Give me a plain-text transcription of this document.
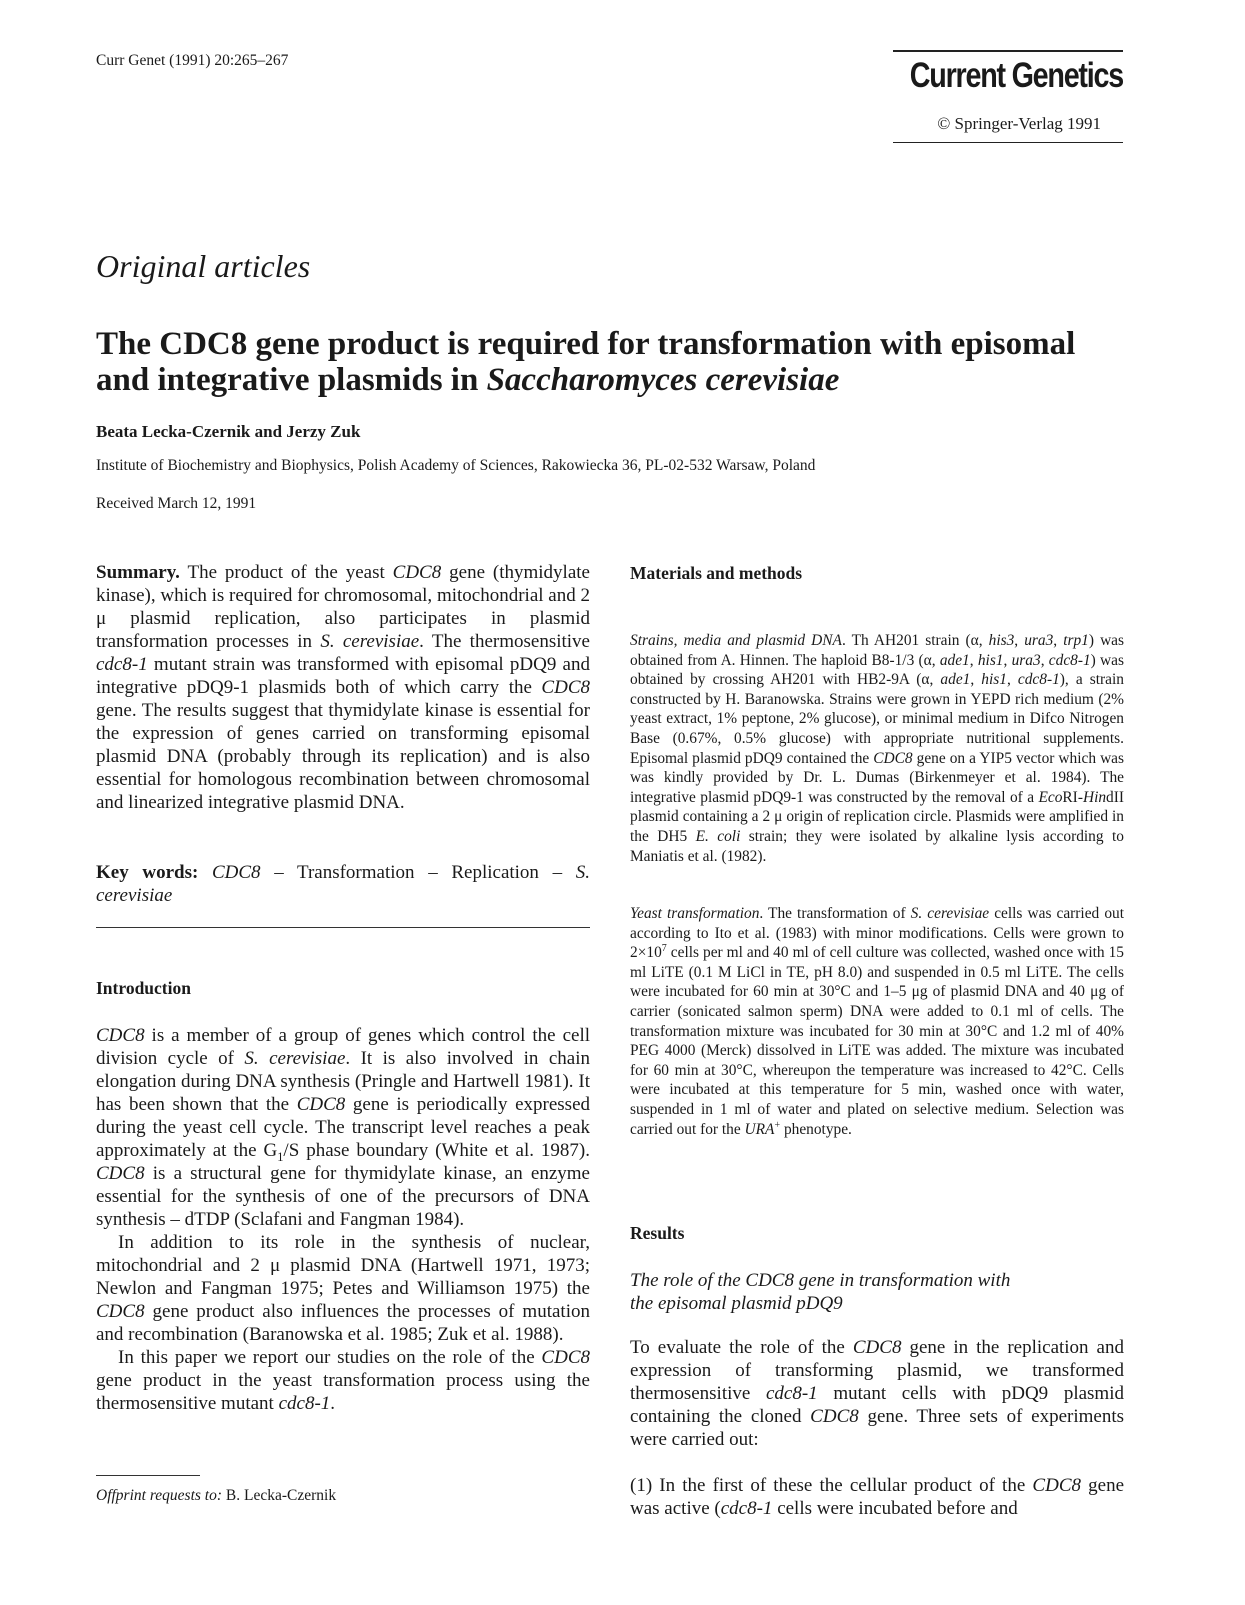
Curr Genet (1991) 20:265–267	Current Genetics
© Springer-Verlag 1991
Original articles
The CDC8 gene product is required for transformation with episomal and integrative plasmids in Saccharomyces cerevisiae
Beata Lecka-Czernik and Jerzy Zuk
Institute of Biochemistry and Biophysics, Polish Academy of Sciences, Rakowiecka 36, PL-02-532 Warsaw, Poland
Received March 12, 1991
Summary. The product of the yeast CDC8 gene (thymidylate kinase), which is required for chromosomal, mitochondrial and 2 μ plasmid replication, also participates in plasmid transformation processes in S. cerevisiae. The thermosensitive cdc8-1 mutant strain was transformed with episomal pDQ9 and integrative pDQ9-1 plasmids both of which carry the CDC8 gene. The results suggest that thymidylate kinase is essential for the expression of genes carried on transforming episomal plasmid DNA (probably through its replication) and is also essential for homologous recombination between chromosomal and linearized integrative plasmid DNA.
Key words: CDC8 – Transformation – Replication – S. cerevisiae
Introduction
CDC8 is a member of a group of genes which control the cell division cycle of S. cerevisiae. It is also involved in chain elongation during DNA synthesis (Pringle and Hartwell 1981). It has been shown that the CDC8 gene is periodically expressed during the yeast cell cycle. The transcript level reaches a peak approximately at the $G_1/S$ phase boundary (White et al. 1987). CDC8 is a structural gene for thymidylate kinase, an enzyme essential for the synthesis of one of the precursors of DNA synthesis – dTDP (Sclafani and Fangman 1984).
In addition to its role in the synthesis of nuclear, mitochondrial and 2 μ plasmid DNA (Hartwell 1971, 1973; Newlon and Fangman 1975; Petes and Williamson 1975) the CDC8 gene product also influences the processes of mutation and recombination (Baranowska et al. 1985; Zuk et al. 1988).
In this paper we report our studies on the role of the CDC8 gene product in the yeast transformation process using the thermosensitive mutant cdc8-1.
Offprint requests to: B. Lecka-Czernik
Materials and methods
Strains, media and plasmid DNA. Th AH201 strain (α, his3, ura3, trp1) was obtained from A. Hinnen. The haploid B8-1/3 (α, ade1, his1, ura3, cdc8-1) was obtained by crossing AH201 with HB2-9A (α, ade1, his1, cdc8-1), a strain constructed by H. Baranowska. Strains were grown in YEPD rich medium (2% yeast extract, 1% peptone, 2% glucose), or minimal medium in Difco Nitrogen Base (0.67%, 0.5% glucose) with appropriate nutritional supplements. Episomal plasmid pDQ9 contained the CDC8 gene on a YIP5 vector which was was kindly provided by Dr. L. Dumas (Birkenmeyer et al. 1984). The integrative plasmid pDQ9-1 was constructed by the removal of a EcoRI-HindII plasmid containing a 2 μ origin of replication circle. Plasmids were amplified in the DH5 E. coli strain; they were isolated by alkaline lysis according to Maniatis et al. (1982).
Yeast transformation. The transformation of S. cerevisiae cells was carried out according to Ito et al. (1983) with minor modifications. Cells were grown to $2\times 10^7$ cells per ml and 40 ml of cell culture was collected, washed once with 15 ml LiTE (0.1 M LiCl in TE, pH 8.0) and suspended in 0.5 ml LiTE. The cells were incubated for 60 min at 30°C and 1–5 μg of plasmid DNA and 40 μg of carrier (sonicated salmon sperm) DNA were added to 0.1 ml of cells. The transformation mixture was incubated for 30 min at 30°C and 1.2 ml of 40% PEG 4000 (Merck) dissolved in LiTE was added. The mixture was incubated for 60 min at 30°C, whereupon the temperature was increased to 42°C. Cells were incubated at this temperature for 5 min, washed once with water, suspended in 1 ml of water and plated on selective medium. Selection was carried out for the URA+ phenotype.
Results
The role of the CDC8 gene in transformation with the episomal plasmid pDQ9
To evaluate the role of the CDC8 gene in the replication and expression of transforming plasmid, we transformed thermosensitive cdc8-1 mutant cells with pDQ9 plasmid containing the cloned CDC8 gene. Three sets of experiments were carried out:
(1) In the first of these the cellular product of the CDC8 gene was active (cdc8-1 cells were incubated before and
